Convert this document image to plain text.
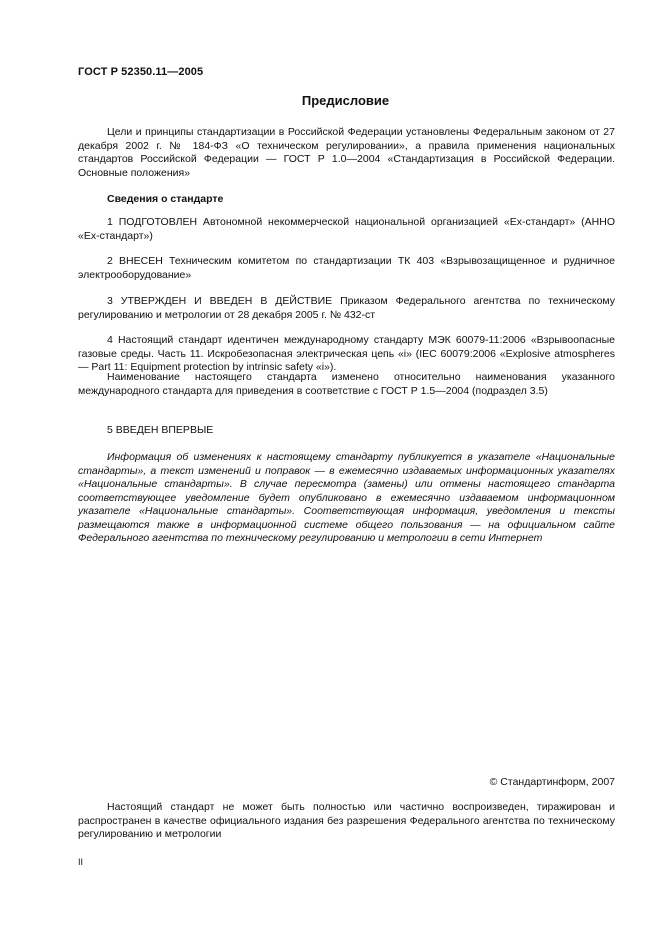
ГОСТ Р 52350.11—2005
Предисловие
Цели и принципы стандартизации в Российской Федерации установлены Федеральным законом от 27 декабря 2002 г. № 184-ФЗ «О техническом регулировании», а правила применения национальных стандартов Российской Федерации — ГОСТ Р 1.0—2004 «Стандартизация в Российской Федерации. Основные положения»
Сведения о стандарте
1 ПОДГОТОВЛЕН Автономной некоммерческой национальной организацией «Ех-стандарт» (АННО «Ех-стандарт»)
2 ВНЕСЕН Техническим комитетом по стандартизации ТК 403 «Взрывозащищенное и рудничное электрооборудование»
3 УТВЕРЖДЕН И ВВЕДЕН В ДЕЙСТВИЕ Приказом Федерального агентства по техническому регулированию и метрологии от 28 декабря 2005 г. № 432-ст
4 Настоящий стандарт идентичен международному стандарту МЭК 60079-11:2006 «Взрывоопасные газовые среды. Часть 11. Искробезопасная электрическая цепь «i» (IEC 60079:2006 «Explosive atmospheres — Part 11: Equipment protection by intrinsic safety «i»).
Наименование настоящего стандарта изменено относительно наименования указанного международного стандарта для приведения в соответствие с ГОСТ Р 1.5—2004 (подраздел 3.5)
5 ВВЕДЕН ВПЕРВЫЕ
Информация об изменениях к настоящему стандарту публикуется в указателе «Национальные стандарты», а текст изменений и поправок — в ежемесячно издаваемых информационных указателях «Национальные стандарты». В случае пересмотра (замены) или отмены настоящего стандарта соответствующее уведомление будет опубликовано в ежемесячно издаваемом информационном указателе «Национальные стандарты». Соответствующая информация, уведомления и тексты размещаются также в информационной системе общего пользования — на официальном сайте Федерального агентства по техническому регулированию и метрологии в сети Интернет
© Стандартинформ, 2007
Настоящий стандарт не может быть полностью или частично воспроизведен, тиражирован и распространен в качестве официального издания без разрешения Федерального агентства по техническому регулированию и метрологии
II
